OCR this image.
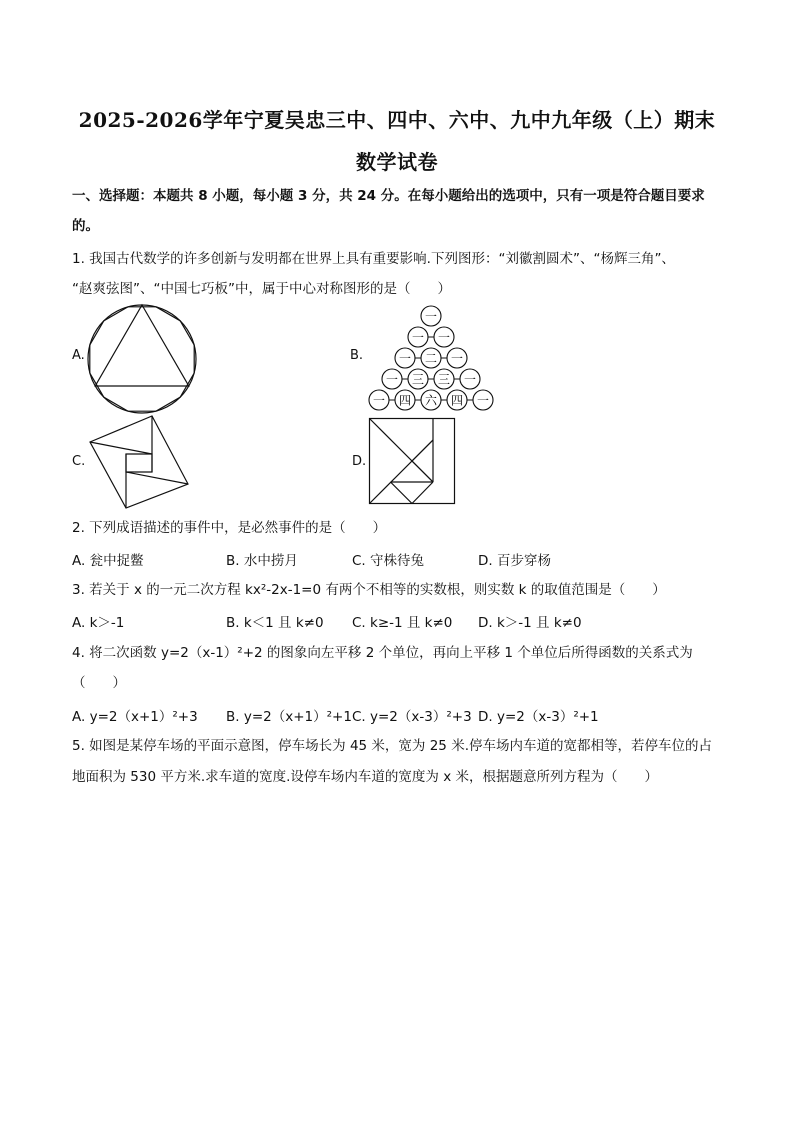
2025-2026学年宁夏吴忠三中、四中、六中、九中九年级（上）期末
数学试卷
一、选择题：本题共 8 小题，每小题 3 分，共 24 分。在每小题给出的选项中，只有一项是符合题目要求
的。
1. 我国古代数学的许多创新与发明都在世界上具有重要影响.下列图形：“刘徽割圆术”、“杨辉三角”、
“赵爽弦图”、“中国七巧板”中，属于中心对称图形的是（　　）
A.	B.
一
一 一
一 二 一
一 三 三 一
一 四 六 四 一
C.	D.
2. 下列成语描述的事件中，是必然事件的是（　　）
A. 瓮中捉鳖	B. 水中捞月	C. 守株待兔	D. 百步穿杨
3. 若关于 x 的一元二次方程 kx²-2x-1=0 有两个不相等的实数根，则实数 k 的取值范围是（　　）
A. k＞-1	B. k＜1 且 k≠0 C. k≥-1 且 k≠0 D. k＞-1 且 k≠0
4. 将二次函数 y=2（x-1）²+2 的图象向左平移 2 个单位，再向上平移 1 个单位后所得函数的关系式为
（　　）
A. y=2（x+1）²+3 B. y=2（x+1）²+1 C. y=2（x-3）²+3 D. y=2（x-3）²+1
5. 如图是某停车场的平面示意图，停车场长为 45 米，宽为 25 米.停车场内车道的宽都相等，若停车位的占
地面积为 530 平方米.求车道的宽度.设停车场内车道的宽度为 x 米，根据题意所列方程为（　　）
